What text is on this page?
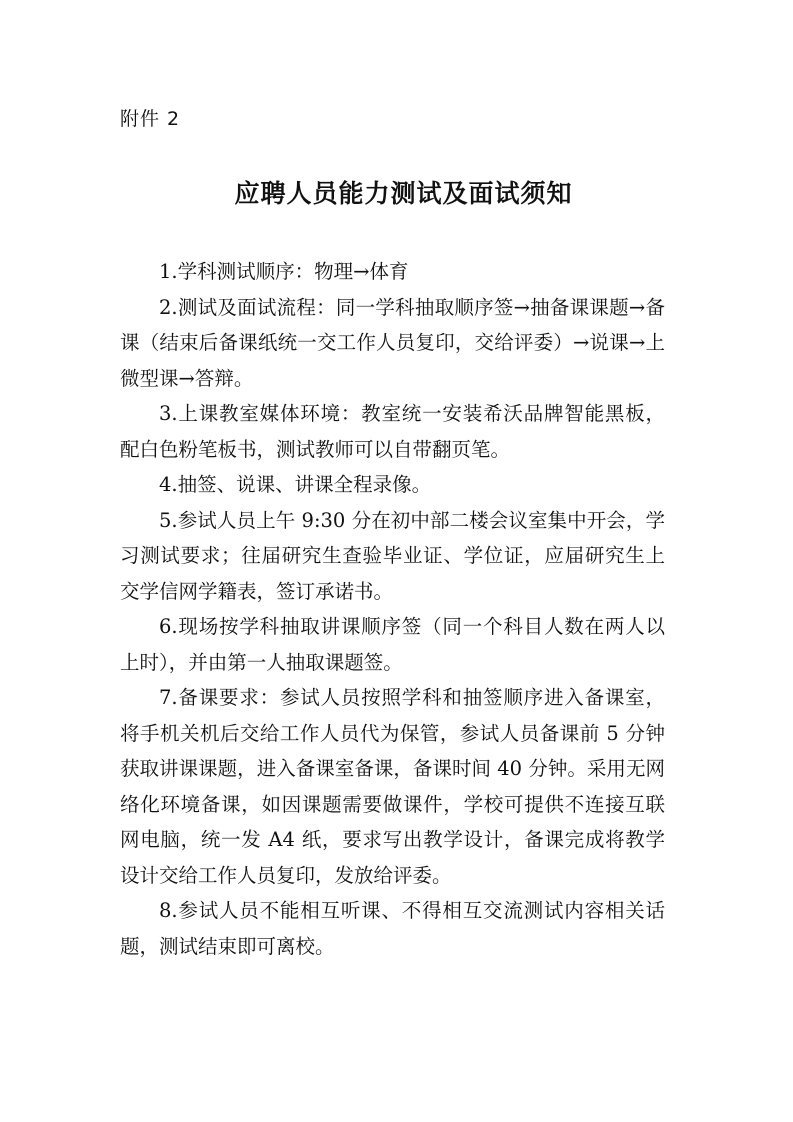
附件 2
应聘人员能力测试及面试须知

1.学科测试顺序：物理→体育

2.测试及面试流程：同一学科抽取顺序签→抽备课课题→备课（结束后备课纸统一交工作人员复印，交给评委）→说课→上微型课→答辩。

3.上课教室媒体环境：教室统一安装希沃品牌智能黑板，配白色粉笔板书，测试教师可以自带翻页笔。

4.抽签、说课、讲课全程录像。

5.参试人员上午 9:30 分在初中部二楼会议室集中开会，学习测试要求；往届研究生查验毕业证、学位证，应届研究生上交学信网学籍表，签订承诺书。

6.现场按学科抽取讲课顺序签（同一个科目人数在两人以上时），并由第一人抽取课题签。

7.备课要求：参试人员按照学科和抽签顺序进入备课室，将手机关机后交给工作人员代为保管，参试人员备课前 5 分钟获取讲课课题，进入备课室备课，备课时间 40 分钟。采用无网络化环境备课，如因课题需要做课件，学校可提供不连接互联网电脑，统一发 A4 纸，要求写出教学设计，备课完成将教学设计交给工作人员复印，发放给评委。

8.参试人员不能相互听课、不得相互交流测试内容相关话题，测试结束即可离校。
